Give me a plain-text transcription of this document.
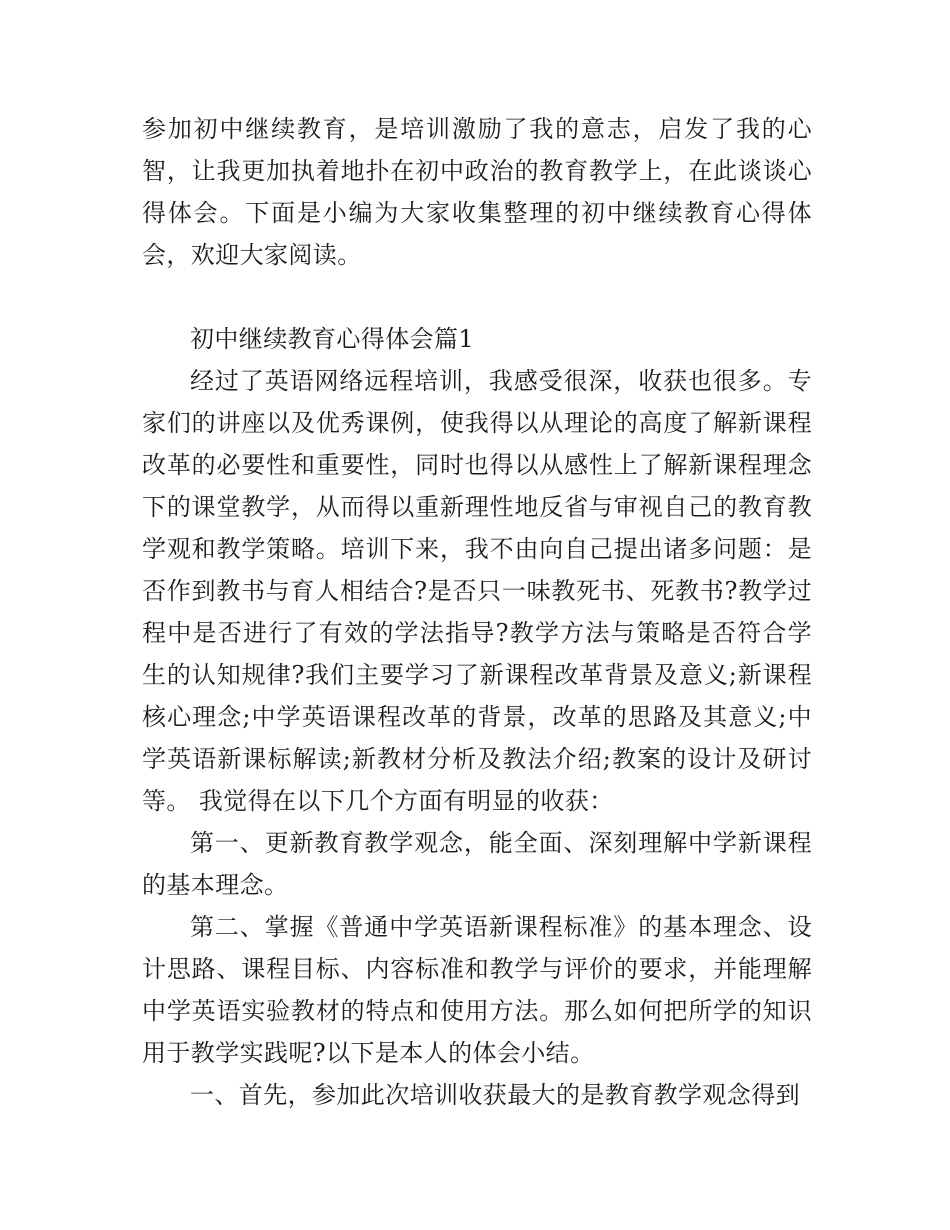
参加初中继续教育，是培训激励了我的意志，启发了我的心智，让我更加执着地扑在初中政治的教育教学上，在此谈谈心得体会。下面是小编为大家收集整理的初中继续教育心得体会，欢迎大家阅读。

初中继续教育心得体会篇1

经过了英语网络远程培训，我感受很深，收获也很多。专家们的讲座以及优秀课例，使我得以从理论的高度了解新课程改革的必要性和重要性，同时也得以从感性上了解新课程理念下的课堂教学，从而得以重新理性地反省与审视自己的教育教学观和教学策略。培训下来，我不由向自己提出诸多问题：是否作到教书与育人相结合?是否只一味教死书、死教书?教学过程中是否进行了有效的学法指导?教学方法与策略是否符合学生的认知规律?我们主要学习了新课程改革背景及意义;新课程核心理念;中学英语课程改革的背景，改革的思路及其意义;中学英语新课标解读;新教材分析及教法介绍;教案的设计及研讨等。 我觉得在以下几个方面有明显的收获：

第一、更新教育教学观念，能全面、深刻理解中学新课程的基本理念。

第二、掌握《普通中学英语新课程标准》的基本理念、设计思路、课程目标、内容标准和教学与评价的要求，并能理解中学英语实验教材的特点和使用方法。那么如何把所学的知识用于教学实践呢?以下是本人的体会小结。

一、首先，参加此次培训收获最大的是教育教学观念得到
